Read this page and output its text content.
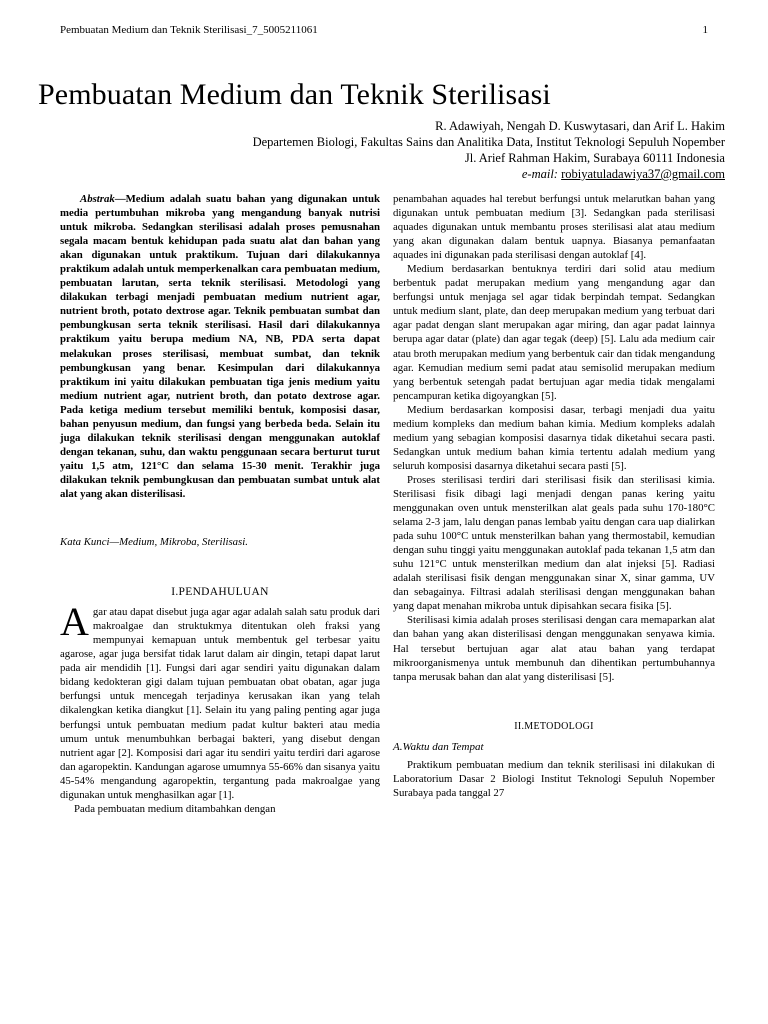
Pembuatan Medium dan Teknik Sterilisasi_7_5005211061	1
Pembuatan Medium dan Teknik Sterilisasi
R. Adawiyah, Nengah D. Kuswytasari, dan Arif L. Hakim
Departemen Biologi, Fakultas Sains dan Analitika Data, Institut Teknologi Sepuluh Nopember
Jl. Arief Rahman Hakim, Surabaya 60111 Indonesia
e-mail: robiyatuladawiya37@gmail.com

Abstrak—Medium adalah suatu bahan yang digunakan untuk media pertumbuhan mikroba yang mengandung banyak nutrisi untuk mikroba. Sedangkan sterilisasi adalah proses pemusnahan segala macam bentuk kehidupan pada suatu alat dan bahan yang akan digunakan untuk praktikum. Tujuan dari dilakukannya praktikum adalah untuk memperkenalkan cara pembuatan medium, pembuatan larutan, serta teknik sterilisasi. Metodologi yang dilakukan terbagi menjadi pembuatan medium nutrient agar, nutrient broth, potato dextrose agar. Teknik pembuatan sumbat dan pembungkusan serta teknik sterilisasi. Hasil dari dilakukannya praktikum yaitu berupa medium NA, NB, PDA serta dapat melakukan proses sterilisasi, membuat sumbat, dan teknik pembungkusan yang benar. Kesimpulan dari dilakukannya praktikum ini yaitu dilakukan pembuatan tiga jenis medium yaitu medium nutrient agar, nutrient broth, dan potato dextrose agar. Pada ketiga medium tersebut memiliki bentuk, komposisi dasar, bahan penyusun medium, dan fungsi yang berbeda beda. Selain itu juga dilakukan teknik sterilisasi dengan menggunakan autoklaf dengan tekanan, suhu, dan waktu penggunaan secara berturut turut yaitu 1,5 atm, 121°C dan selama 15-30 menit. Terakhir juga dilakukan teknik pembungkusan dan pembuatan sumbat untuk alat alat yang akan disterilisasi.

Kata Kunci—Medium, Mikroba, Sterilisasi.

I.PENDAHULUAN

Agar atau dapat disebut juga agar agar adalah salah satu produk dari makroalgae dan struktukmya ditentukan oleh fraksi yang mempunyai kemapuan untuk membentuk gel terbesar yaitu agarose, agar juga bersifat tidak larut dalam air dingin, tetapi dapat larut pada air mendidih [1]. Fungsi dari agar sendiri yaitu digunakan dalam bidang kedokteran gigi dalam tujuan pembuatan obat obatan, agar juga berfungsi untuk mencegah terjadinya kerusakan ikan yang telah dikalengkan ketika diangkut [1]. Selain itu yang paling penting agar juga berfungsi untuk pembuatan medium padat kultur bakteri atau media umum untuk menumbuhkan berbagai bakteri, yang disebut dengan nutrient agar [2]. Komposisi dari agar itu sendiri yaitu terdiri dari agarose dan agaropektin. Kandungan agarose umumnya 55-66% dan sisanya yaitu 45-54% mengandung agaropektin, tergantung pada makroalgae yang digunakan untuk menghasilkan agar [1].

Pada pembuatan medium ditambahkan dengan

penambahan aquades hal terebut berfungsi untuk melarutkan bahan yang digunakan untuk pembuatan medium [3]. Sedangkan pada sterilisasi aquades digunakan untuk membantu proses sterilisasi alat atau medium yang akan digunakan dalam bentuk uapnya. Biasanya pemanfaatan aquades ini digunakan pada sterilisasi dengan autoklaf [4].

Medium berdasarkan bentuknya terdiri dari solid atau medium berbentuk padat merupakan medium yang mengandung agar dan berfungsi untuk menjaga sel agar tidak berpindah tempat. Sedangkan untuk medium slant, plate, dan deep merupakan medium yang terbuat dari agar padat dengan slant merupakan agar miring, dan agar padat lainnya berupa agar datar (plate) dan agar tegak (deep) [5]. Lalu ada medium cair atau broth merupakan medium yang berbentuk cair dan tidak mengandung agar. Kemudian medium semi padat atau semisolid merupakan medium yang berbentuk setengah padat bertujuan agar media tidak mengalami pencampuran ketika digoyangkan [5].

Medium berdasarkan komposisi dasar, terbagi menjadi dua yaitu medium kompleks dan medium bahan kimia. Medium kompleks adalah medium yang sebagian komposisi dasarnya tidak diketahui secara pasti. Sedangkan untuk medium bahan kimia tertentu adalah medium yang seluruh komposisi dasarnya diketahui secara pasti [5].

Proses sterilisasi terdiri dari sterilisasi fisik dan sterilisasi kimia. Sterilisasi fisik dibagi lagi menjadi dengan panas kering yaitu menggunakan oven untuk mensterilkan alat geals pada suhu 170-180°C selama 2-3 jam, lalu dengan panas lembab yaitu dengan cara uap dialirkan pada suhu 100°C untuk mensterilkan bahan yang thermostabil, kemudian dengan suhu tinggi yaitu menggunakan autoklaf pada tekanan 1,5 atm dan suhu 121°C untuk mensterilkan medium dan alat injeksi [5]. Radiasi adalah sterilisasi fisik dengan menggunakan sinar X, sinar gamma, UV dan sebagainya. Filtrasi adalah sterilisasi dengan menggunakan bahan yang dapat menahan mikroba untuk dipisahkan secara fisika [5].

Sterilisasi kimia adalah proses sterilisasi dengan cara memaparkan alat dan bahan yang akan disterilisasi dengan menggunakan senyawa kimia. Hal tersebut bertujuan agar alat atau bahan yang terdapat mikroorganismenya untuk membunuh dan dihentikan pertumbuhannya tanpa merusak bahan dan alat yang disterilisasi [5].

II.METODOLOGI
A.Waktu dan Tempat

Praktikum pembuatan medium dan teknik sterilisasi ini dilakukan di Laboratorium Dasar 2 Biologi Institut Teknologi Sepuluh Nopember Surabaya pada tanggal 27
